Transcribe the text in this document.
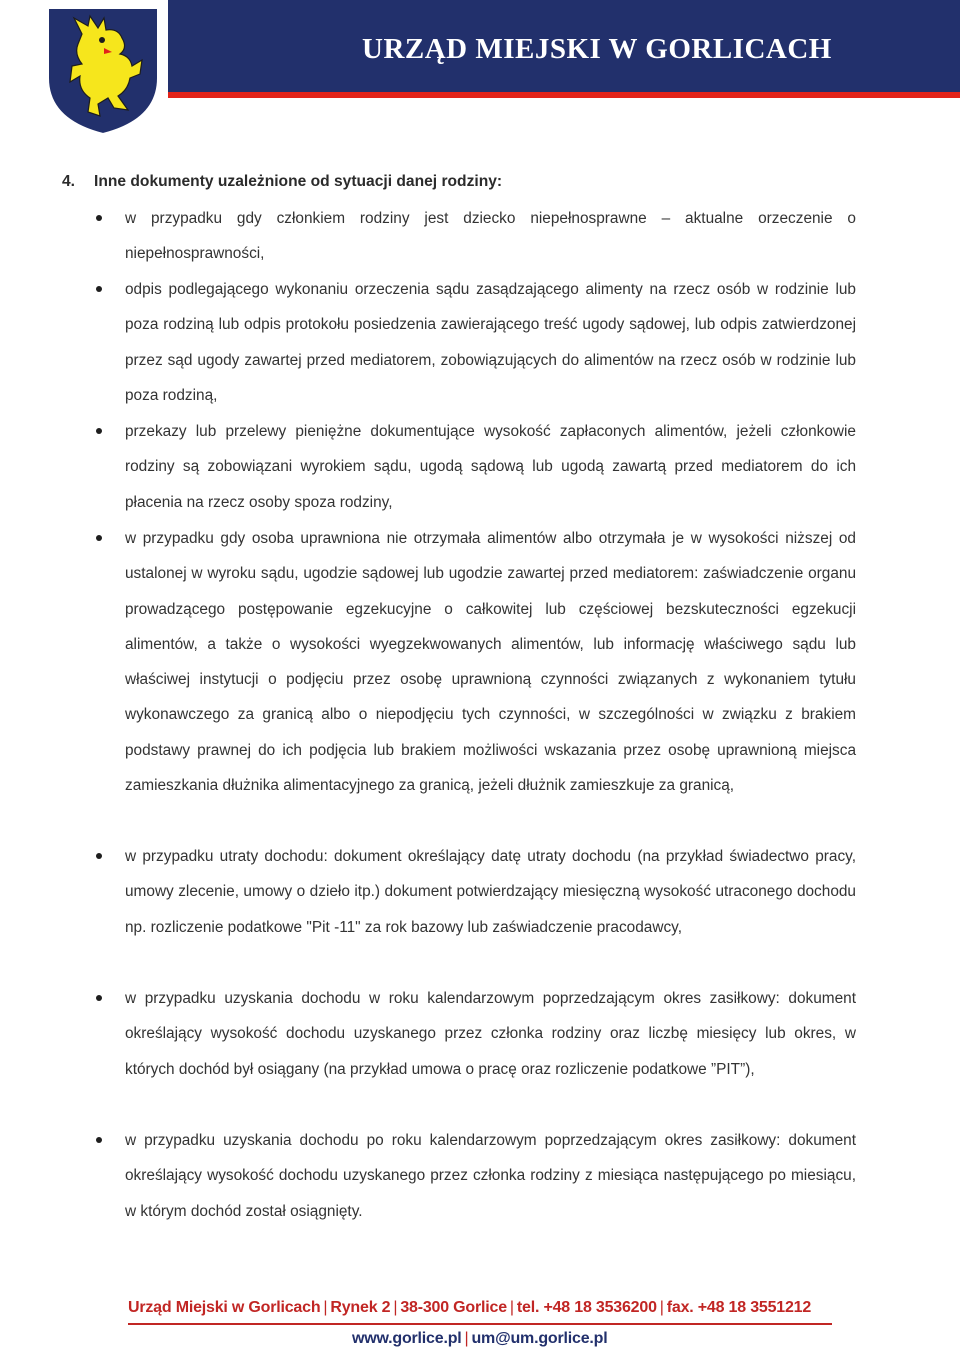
URZĄD MIEJSKI W GORLICACH
4. Inne dokumenty uzależnione od sytuacji danej rodziny:
w przypadku gdy członkiem rodziny jest dziecko niepełnosprawne – aktualne orzeczenie o niepełnosprawności,
odpis podlegającego wykonaniu orzeczenia sądu zasądzającego alimenty na rzecz osób w rodzinie lub poza rodziną lub odpis protokołu posiedzenia zawierającego treść ugody sądowej, lub odpis zatwierdzonej przez sąd ugody zawartej przed mediatorem, zobowiązujących do alimentów na rzecz osób w rodzinie lub poza rodziną,
przekazy lub przelewy pieniężne dokumentujące wysokość zapłaconych alimentów, jeżeli członkowie rodziny są zobowiązani wyrokiem sądu, ugodą sądową lub ugodą zawartą przed mediatorem do ich płacenia na rzecz osoby spoza rodziny,
w przypadku gdy osoba uprawniona nie otrzymała alimentów albo otrzymała je w wysokości niższej od ustalonej w wyroku sądu, ugodzie sądowej lub ugodzie zawartej przed mediatorem: zaświadczenie organu prowadzącego postępowanie egzekucyjne o całkowitej lub częściowej bezskuteczności egzekucji alimentów, a także o wysokości wyegzekwowanych alimentów, lub informację właściwego sądu lub właściwej instytucji o podjęciu przez osobę uprawnioną czynności związanych z wykonaniem tytułu wykonawczego za granicą albo o niepodjęciu tych czynności, w szczególności w związku z brakiem podstawy prawnej do ich podjęcia lub brakiem możliwości wskazania przez osobę uprawnioną miejsca zamieszkania dłużnika alimentacyjnego za granicą, jeżeli dłużnik zamieszkuje za granicą,
w przypadku utraty dochodu: dokument określający datę utraty dochodu (na przykład świadectwo pracy, umowy zlecenie, umowy o dzieło itp.) dokument potwierdzający miesięczną wysokość utraconego dochodu np. rozliczenie podatkowe "Pit -11" za rok bazowy lub zaświadczenie pracodawcy,
w przypadku uzyskania dochodu w roku kalendarzowym poprzedzającym okres zasiłkowy: dokument określający wysokość dochodu uzyskanego przez członka rodziny oraz liczbę miesięcy lub okres, w których dochód był osiągany (na przykład umowa o pracę oraz rozliczenie podatkowe ”PIT”),
w przypadku uzyskania dochodu po roku kalendarzowym poprzedzającym okres zasiłkowy: dokument określający wysokość dochodu uzyskanego przez członka rodziny z miesiąca następującego po miesiącu, w którym dochód został osiągnięty.
Urząd Miejski w Gorlicach | Rynek 2 | 38-300 Gorlice | tel. +48 18 3536200 | fax. +48 18 3551212
www.gorlice.pl | um@um.gorlice.pl
